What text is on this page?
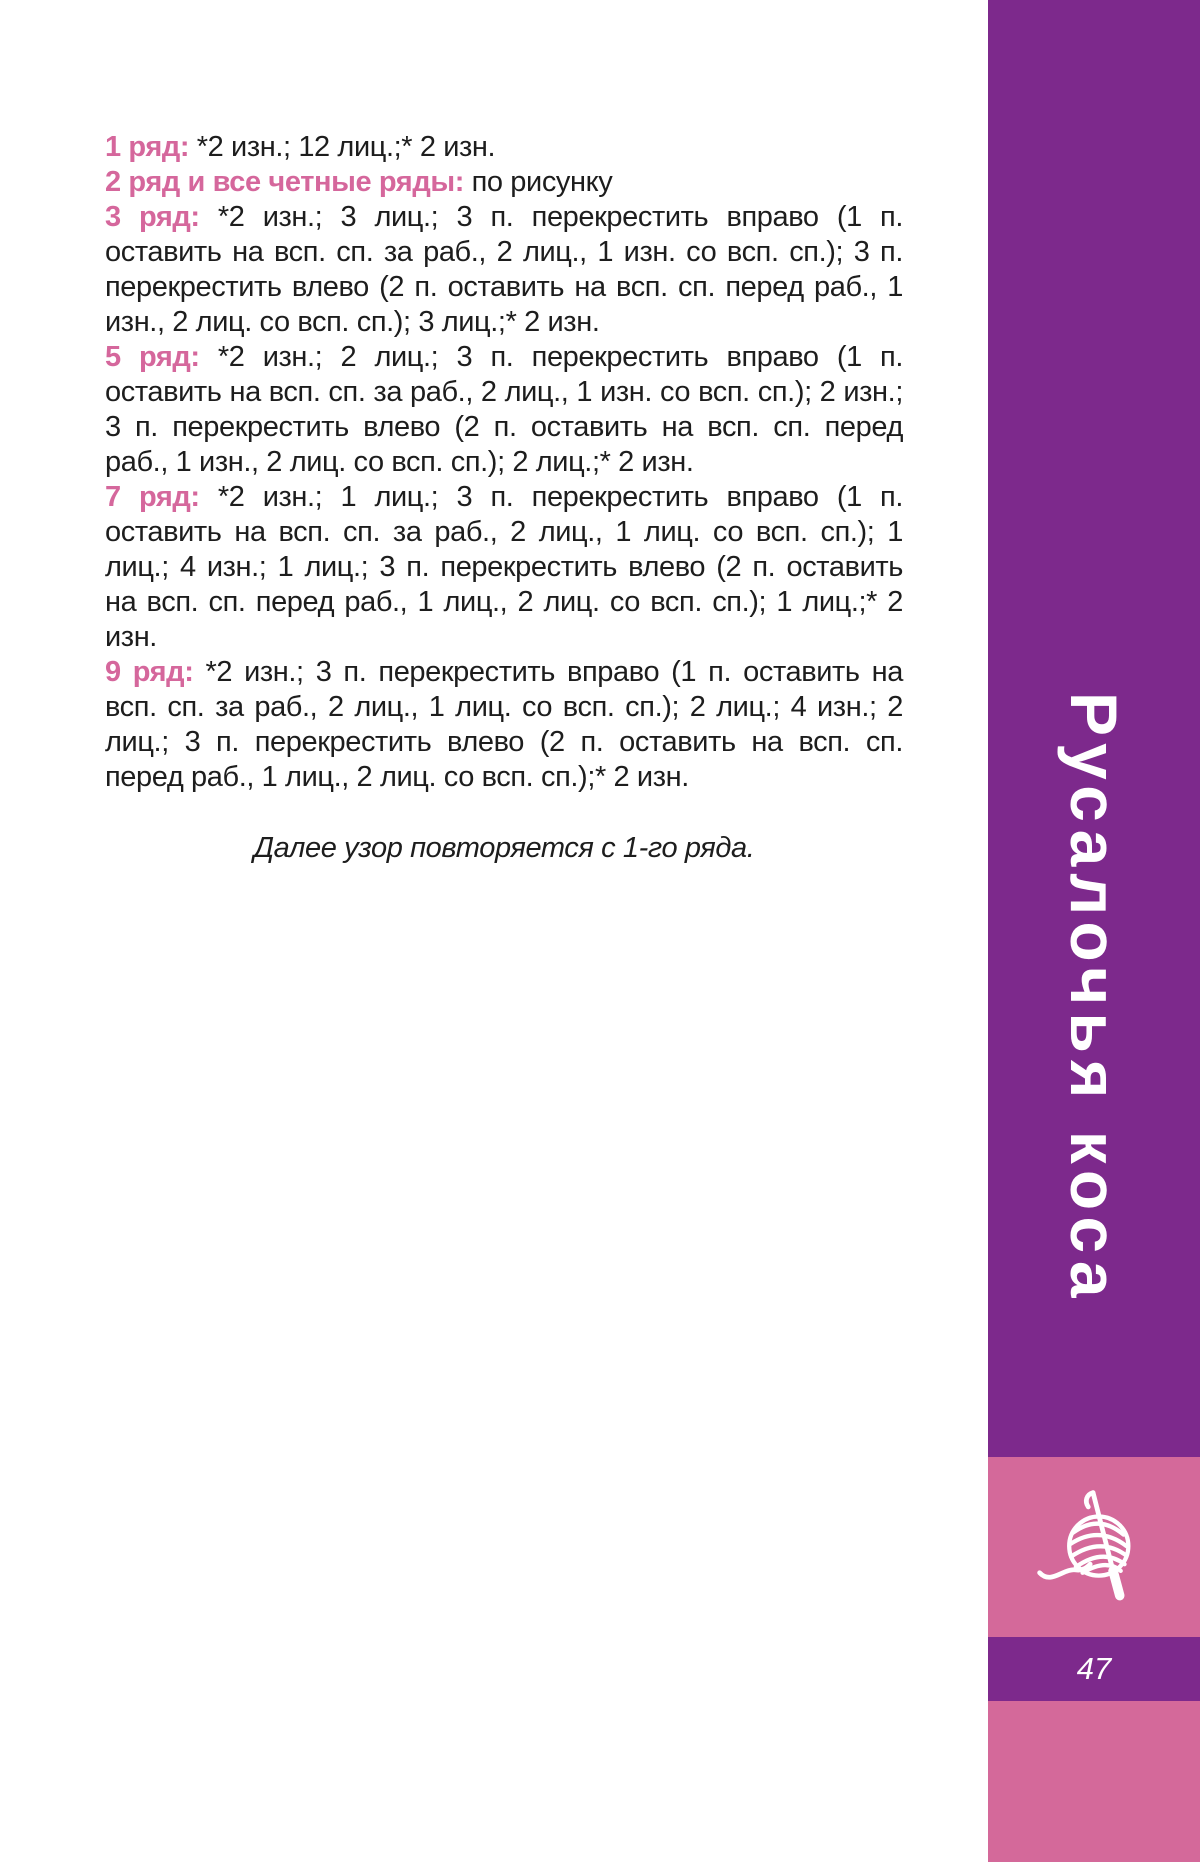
1 ряд: *2 изн.; 12 лиц.;* 2 изн.

2 ряд и все четные ряды: по рисунку

3 ряд: *2 изн.; 3 лиц.; 3 п. перекрестить вправо (1 п. оставить на всп. сп. за раб., 2 лиц., 1 изн. со всп. сп.); 3 п. перекрестить влево (2 п. оставить на всп. сп. перед раб., 1 изн., 2 лиц. со всп. сп.); 3 лиц.;* 2 изн.

5 ряд: *2 изн.; 2 лиц.; 3 п. перекрестить вправо (1 п. оставить на всп. сп. за раб., 2 лиц., 1 изн. со всп. сп.); 2 изн.; 3 п. перекрестить влево (2 п. оставить на всп. сп. перед раб., 1 изн., 2 лиц. со всп. сп.); 2 лиц.;* 2 изн.

7 ряд: *2 изн.; 1 лиц.; 3 п. перекрестить вправо (1 п. оставить на всп. сп. за раб., 2 лиц., 1 лиц. со всп. сп.); 1 лиц.; 4 изн.; 1 лиц.; 3 п. перекрестить влево (2 п. оставить на всп. сп. перед раб., 1 лиц., 2 лиц. со всп. сп.); 1 лиц.;* 2 изн.

9 ряд: *2 изн.; 3 п. перекрестить вправо (1 п. оставить на всп. сп. за раб., 2 лиц., 1 лиц. со всп. сп.); 2 лиц.; 4 изн.; 2 лиц.; 3 п. перекрестить влево (2 п. оставить на всп. сп. перед раб., 1 лиц., 2 лиц. со всп. сп.);* 2 изн.

Далее узор повторяется с 1-го ряда.	Русалочья коса
47
